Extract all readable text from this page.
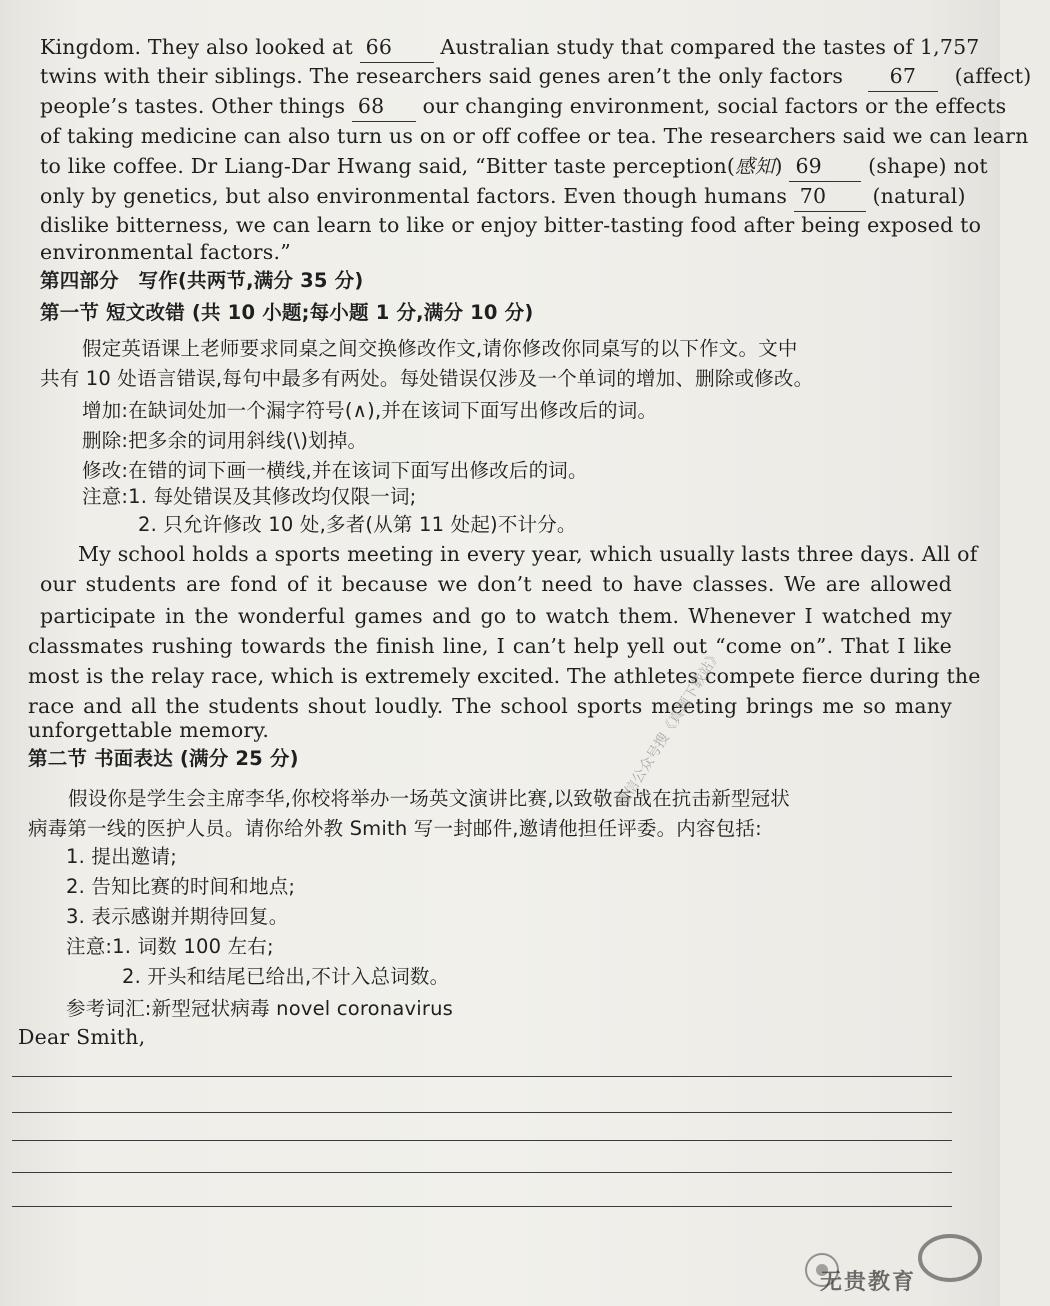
Kingdom. They also looked at 66 Australian study that compared the tastes of 1,757
twins with their siblings. The researchers said genes aren’t the only factors 67 (affect)
people’s tastes. Other things 68 our changing environment, social factors or the effects
of taking medicine can also turn us on or off coffee or tea. The researchers said we can learn
to like coffee. Dr Liang-Dar Hwang said, “Bitter taste perception(感知) 69 (shape) not
only by genetics, but also environmental factors. Even though humans 70 (natural)
dislike bitterness, we can learn to like or enjoy bitter-tasting food after being exposed to
environmental factors.”
第四部分　写作(共两节,满分 35 分)
第一节 短文改错 (共 10 小题;每小题 1 分,满分 10 分)
假定英语课上老师要求同桌之间交换修改作文,请你修改你同桌写的以下作文。文中
共有 10 处语言错误,每句中最多有两处。每处错误仅涉及一个单词的增加、删除或修改。
增加:在缺词处加一个漏字符号(∧),并在该词下面写出修改后的词。
删除:把多余的词用斜线(\)划掉。
修改:在错的词下画一横线,并在该词下面写出修改后的词。
注意:1. 每处错误及其修改均仅限一词;
2. 只允许修改 10 处,多者(从第 11 处起)不计分。
My school holds a sports meeting in every year, which usually lasts three days. All of
our students are fond of it because we don’t need to have classes. We are allowed
participate in the wonderful games and go to watch them. Whenever I watched my
classmates rushing towards the finish line, I can’t help yell out “come on”. That I like
most is the relay race, which is extremely excited. The athletes compete fierce during the
race and all the students shout loudly. The school sports meeting brings me so many
unforgettable memory.
第二节 书面表达 (满分 25 分)
假设你是学生会主席李华,你校将举办一场英文演讲比赛,以致敬奋战在抗击新型冠状
病毒第一线的医护人员。请你给外教 Smith 写一封邮件,邀请他担任评委。内容包括:
1. 提出邀请;
2. 告知比赛的时间和地点;
3. 表示感谢并期待回复。
注意:1. 词数 100 左右;
2. 开头和结尾已给出,不计入总词数。
参考词汇:新型冠状病毒 novel coronavirus
Dear Smith,
微信公众号搜《真题下载站》
无贵教育
